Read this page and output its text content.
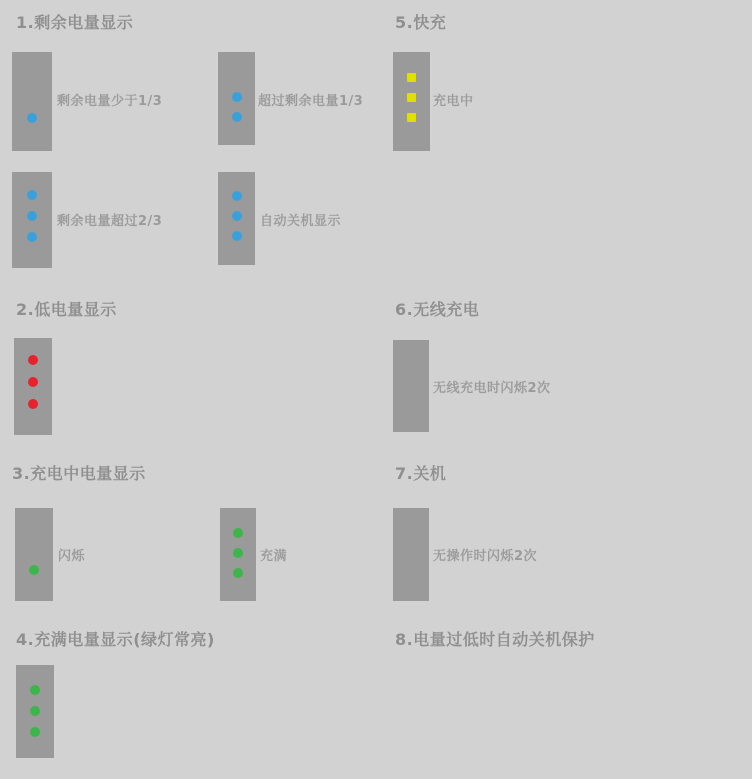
1.剩余电量显示	5.快充
2.低电量显示	6.无线充电
3.充电中电量显示	7.关机
4.充满电量显示(绿灯常亮)	8.电量过低时自动关机保护
剩余电量少于1/3	超过剩余电量1/3
剩余电量超过2/3	自动关机显示
充电中
无线充电时闪烁2次
闪烁	充满	无操作时闪烁2次
